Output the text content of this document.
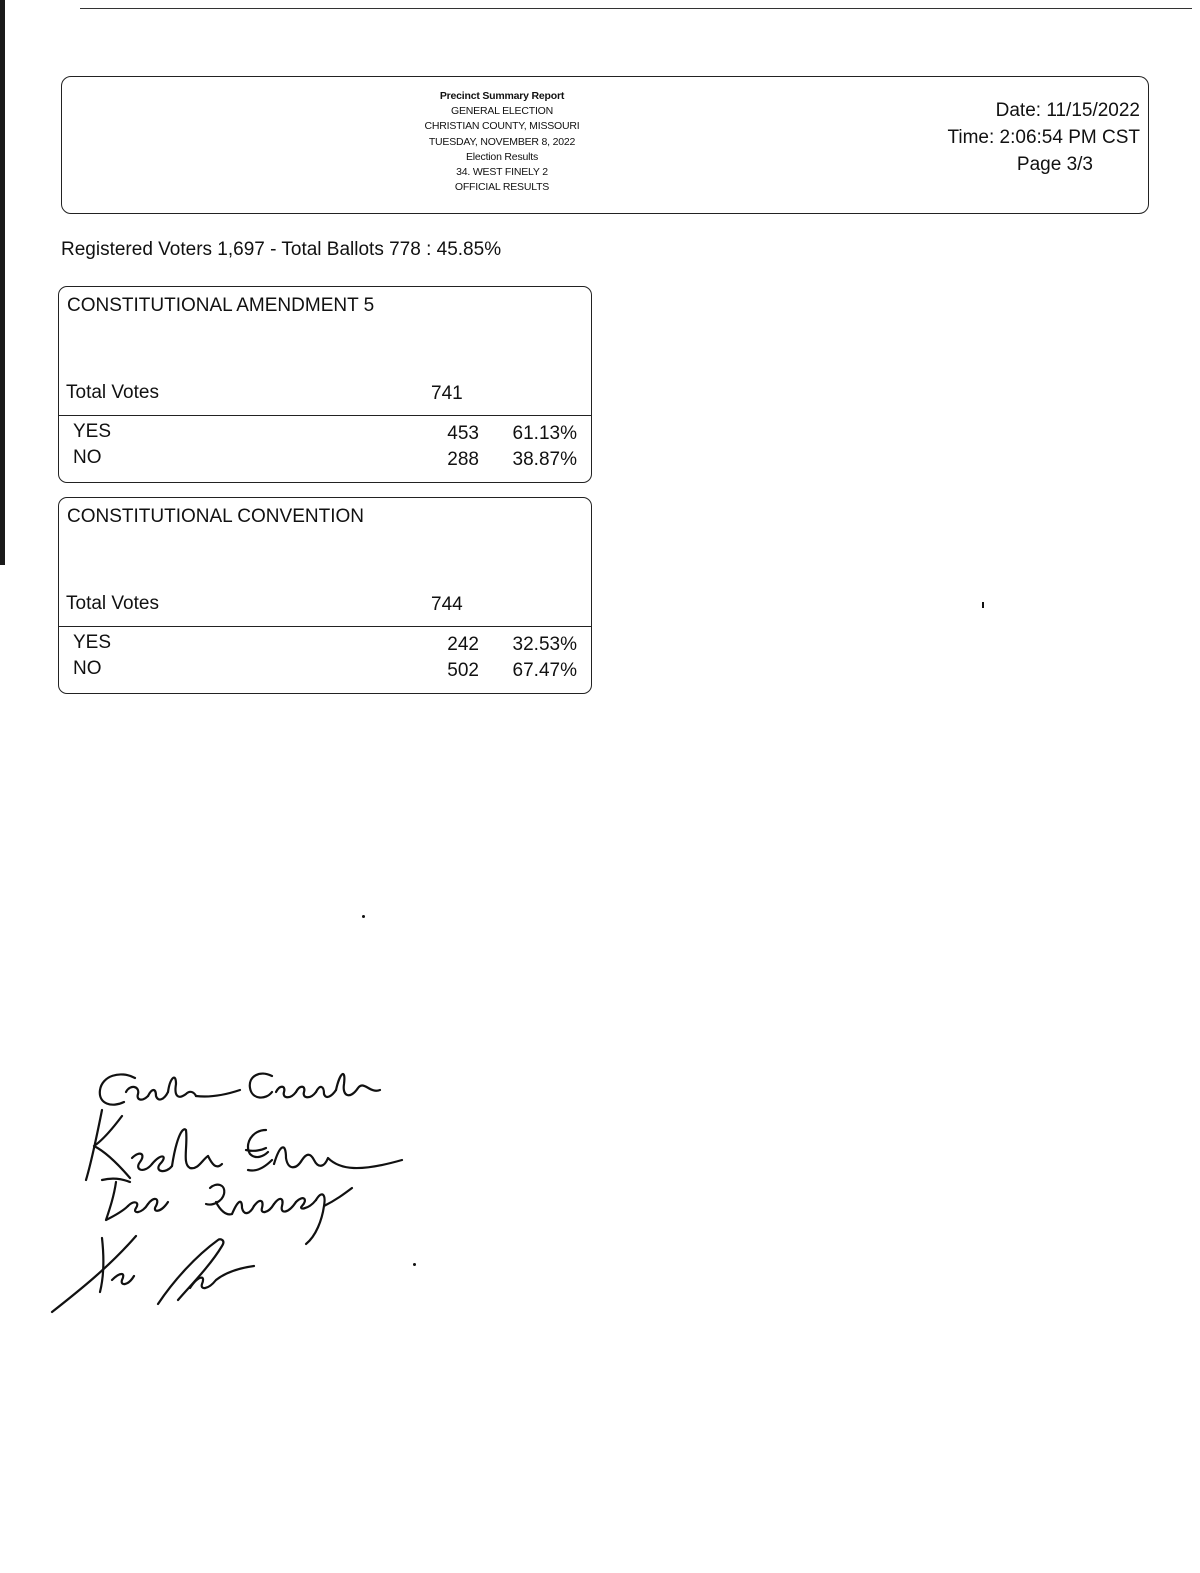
Precinct Summary Report
GENERAL ELECTION
CHRISTIAN COUNTY, MISSOURI
TUESDAY, NOVEMBER 8, 2022
Election Results
34. WEST FINELY 2
OFFICIAL RESULTS
Date: 11/15/2022
Time: 2:06:54 PM CST
Page 3/3
Registered Voters 1,697 - Total Ballots 778 : 45.85%
CONSTITUTIONAL AMENDMENT 5
Total Votes	741
YES	453 61.13%
NO	288 38.87%
CONSTITUTIONAL CONVENTION
Total Votes	744
YES	242 32.53%
NO	502 67.47%
